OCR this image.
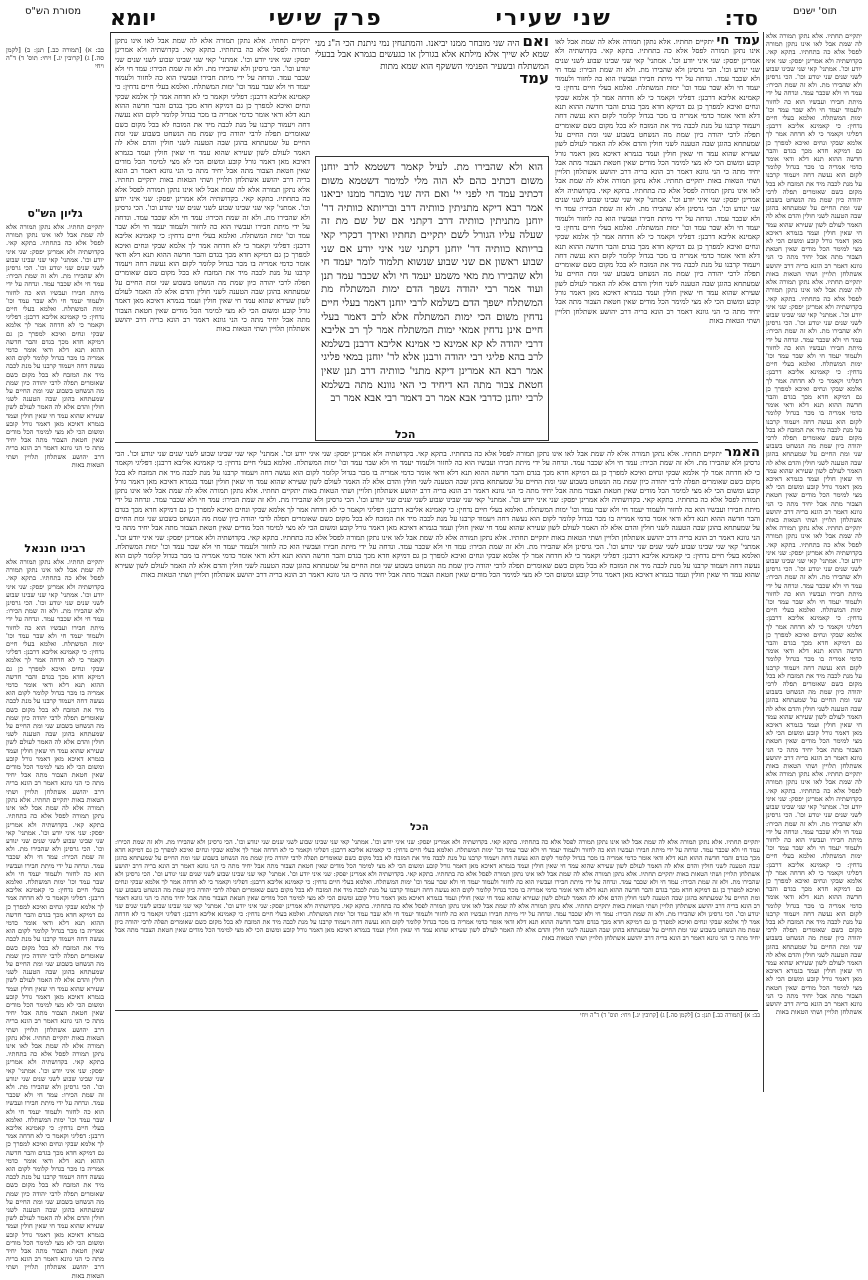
מסורת הש"ס	תוס' ישנים
סד:
שני שעירי
פרק שישי
יומא
יתקיים תחתיו. אלא נתקן תמורה אלא לה שמת אבל לאו אינו נתקן תמורה לפסל אלא כה בתחתיו. בתקא קאי. בקדושתיה ולא אמרינן יפסק: שני איני יודע וכו'. אמתני' קאי שני שבינו שבוע לשני שנים שני ינודע וכו'. הכי גרסינן ולא שהבירו מת. ולא זה שמת הכירו: עמד חי ולא שכבר עמד. ונדחה על ידי מיתת חבירו ועבשיו הוא כה לחזור ולעמוד יעמד חי ולא שבר עמד וכו' ימות המשתלח. ואלמא בעלי חיים נדחין: כי קאמינא אליבא דרבנן: דפליגי וקאמר כי לא חדחה אמר לך אלמא שבקי ונחים ואיכא למפרך כן גם דמיקא חדא מכך בגדם והבר חדשה ההוא תנא דלא ודאי אומר כדמי אמריה בו מכר בגדול קלומר לקום הוא נעשה דחה ויעמוד קרבנו על מנת לכבה מיד את המזבח לא בכל מקום כשם שאומרים תפלה לרבי יהודה כיון שמת מה הנשחט בשבוע שני ומת החיים על שמעתחא בהוגן שבה הטענה לשני חולין והדם אלא לה האמר לעולם לשון שעירא שהוא עמד חי שאין חולין ועמד בגמרא דאיכא מאן דאמר גורל קובע ומשום הכי לא מצי למימר הכל מודים שאין חטאת הצבור מתה אבל יחיד מתה כי הני גוונא דאמר רב הונא בריה דרב יהושע אשתלחן תלויין ושתי הטאות באות יתקיים תחתיו. אלא נתקן תמורה אלא לה שמת אבל לאו אינו נתקן תמורה לפסל אלא כה בתחתיו. בתקא קאי. בקדושתיה ולא אמרינן יפסק: שני איני יודע וכו'. אמתני' קאי שני שבינו שבוע לשני שנים שני ינודע וכו'. הכי גרסינן ולא שהבירו מת. ולא זה שמת הכירו: עמד חי ולא שכבר עמד. ונדחה על ידי מיתת חבירו ועבשיו הוא כה לחזור ולעמוד יעמד חי ולא שבר עמד וכו' ימות המשתלח. ואלמא בעלי חיים נדחין: כי קאמינא אליבא דרבנן: דפליגי וקאמר כי לא חדחה אמר לך אלמא שבקי ונחים ואיכא למפרך כן גם דמיקא חדא מכך בגדם והבר חדשה ההוא תנא דלא ודאי אומר כדמי אמריה בו מכר בגדול קלומר לקום הוא נעשה דחה ויעמוד קרבנו על מנת לכבה מיד את המזבח לא בכל מקום כשם שאומרים תפלה לרבי יהודה כיון שמת מה הנשחט בשבוע שני ומת החיים על שמעתחא בהוגן שבה הטענה לשני חולין והדם אלא לה האמר לעולם לשון שעירא שהוא עמד חי שאין חולין ועמד בגמרא דאיכא מאן דאמר גורל קובע ומשום הכי לא מצי למימר הכל מודים שאין חטאת הצבור מתה אבל יחיד מתה כי הני גוונא דאמר רב הונא בריה דרב יהושע אשתלחן תלויין ושתי הטאות באות יתקיים תחתיו. אלא נתקן תמורה אלא לה שמת אבל לאו אינו נתקן תמורה לפסל אלא כה בתחתיו. בתקא קאי. בקדושתיה ולא אמרינן יפסק: שני איני יודע וכו'. אמתני' קאי שני שבינו שבוע לשני שנים שני ינודע וכו'. הכי גרסינן ולא שהבירו מת. ולא זה שמת הכירו: עמד חי ולא שכבר עמד. ונדחה על ידי מיתת חבירו ועבשיו הוא כה לחזור ולעמוד יעמד חי ולא שבר עמד וכו' ימות המשתלח. ואלמא בעלי חיים נדחין: כי קאמינא אליבא דרבנן: דפליגי וקאמר כי לא חדחה אמר לך אלמא שבקי ונחים ואיכא למפרך כן גם דמיקא חדא מכך בגדם והבר חדשה ההוא תנא דלא ודאי אומר כדמי אמריה בו מכר בגדול קלומר לקום הוא נעשה דחה ויעמוד קרבנו על מנת לכבה מיד את המזבח לא בכל מקום כשם שאומרים תפלה לרבי יהודה כיון שמת מה הנשחט בשבוע שני ומת החיים על שמעתחא בהוגן שבה הטענה לשני חולין והדם אלא לה האמר לעולם לשון שעירא שהוא עמד חי שאין חולין ועמד בגמרא דאיכא מאן דאמר גורל קובע ומשום הכי לא מצי למימר הכל מודים שאין חטאת הצבור מתה אבל יחיד מתה כי הני גוונא דאמר רב הונא בריה דרב יהושע אשתלחן תלויין ושתי הטאות באות יתקיים תחתיו. אלא נתקן תמורה אלא לה שמת אבל לאו אינו נתקן תמורה לפסל אלא כה בתחתיו. בתקא קאי. בקדושתיה ולא אמרינן יפסק: שני איני יודע וכו'. אמתני' קאי שני שבינו שבוע לשני שנים שני ינודע וכו'. הכי גרסינן ולא שהבירו מת. ולא זה שמת הכירו: עמד חי ולא שכבר עמד. ונדחה על ידי מיתת חבירו ועבשיו הוא כה לחזור ולעמוד יעמד חי ולא שבר עמד וכו' ימות המשתלח. ואלמא בעלי חיים נדחין: כי קאמינא אליבא דרבנן: דפליגי וקאמר כי לא חדחה אמר לך אלמא שבקי ונחים ואיכא למפרך כן גם דמיקא חדא מכך בגדם והבר חדשה ההוא תנא דלא ודאי אומר כדמי אמריה בו מכר בגדול קלומר לקום הוא נעשה דחה ויעמוד קרבנו על מנת לכבה מיד את המזבח לא בכל מקום כשם שאומרים תפלה לרבי יהודה כיון שמת מה הנשחט בשבוע שני ומת החיים על שמעתחא בהוגן שבה הטענה לשני חולין והדם אלא לה האמר לעולם לשון שעירא שהוא עמד חי שאין חולין ועמד בגמרא דאיכא מאן דאמר גורל קובע ומשום הכי לא מצי למימר הכל מודים שאין חטאת הצבור מתה אבל יחיד מתה כי הני גוונא דאמר רב הונא בריה דרב יהושע אשתלחן תלויין ושתי הטאות באות
בב: א) [תמורה כב.] תנן: ב) [לקמן סה.] ג) [קרובין יג.] ויחי: תוס' ד) ד"ה ויחי
גליון הש"ס
יתקיים תחתיו. אלא נתקן תמורה אלא לה שמת אבל לאו אינו נתקן תמורה לפסל אלא כה בתחתיו. בתקא קאי. בקדושתיה ולא אמרינן יפסק: שני איני יודע וכו'. אמתני' קאי שני שבינו שבוע לשני שנים שני ינודע וכו'. הכי גרסינן ולא שהבירו מת. ולא זה שמת הכירו: עמד חי ולא שכבר עמד. ונדחה על ידי מיתת חבירו ועבשיו הוא כה לחזור ולעמוד יעמד חי ולא שבר עמד וכו' ימות המשתלח. ואלמא בעלי חיים נדחין: כי קאמינא אליבא דרבנן: דפליגי וקאמר כי לא חדחה אמר לך אלמא שבקי ונחים ואיכא למפרך כן גם דמיקא חדא מכך בגדם והבר חדשה ההוא תנא דלא ודאי אומר כדמי אמריה בו מכר בגדול קלומר לקום הוא נעשה דחה ויעמוד קרבנו על מנת לכבה מיד את המזבח לא בכל מקום כשם שאומרים תפלה לרבי יהודה כיון שמת מה הנשחט בשבוע שני ומת החיים על שמעתחא בהוגן שבה הטענה לשני חולין והדם אלא לה האמר לעולם לשון שעירא שהוא עמד חי שאין חולין ועמד בגמרא דאיכא מאן דאמר גורל קובע ומשום הכי לא מצי למימר הכל מודים שאין חטאת הצבור מתה אבל יחיד מתה כי הני גוונא דאמר רב הונא בריה דרב יהושע אשתלחן תלויין ושתי הטאות באות
רבינו חננאל
יתקיים תחתיו. אלא נתקן תמורה אלא לה שמת אבל לאו אינו נתקן תמורה לפסל אלא כה בתחתיו. בתקא קאי. בקדושתיה ולא אמרינן יפסק: שני איני יודע וכו'. אמתני' קאי שני שבינו שבוע לשני שנים שני ינודע וכו'. הכי גרסינן ולא שהבירו מת. ולא זה שמת הכירו: עמד חי ולא שכבר עמד. ונדחה על ידי מיתת חבירו ועבשיו הוא כה לחזור ולעמוד יעמד חי ולא שבר עמד וכו' ימות המשתלח. ואלמא בעלי חיים נדחין: כי קאמינא אליבא דרבנן: דפליגי וקאמר כי לא חדחה אמר לך אלמא שבקי ונחים ואיכא למפרך כן גם דמיקא חדא מכך בגדם והבר חדשה ההוא תנא דלא ודאי אומר כדמי אמריה בו מכר בגדול קלומר לקום הוא נעשה דחה ויעמוד קרבנו על מנת לכבה מיד את המזבח לא בכל מקום כשם שאומרים תפלה לרבי יהודה כיון שמת מה הנשחט בשבוע שני ומת החיים על שמעתחא בהוגן שבה הטענה לשני חולין והדם אלא לה האמר לעולם לשון שעירא שהוא עמד חי שאין חולין ועמד בגמרא דאיכא מאן דאמר גורל קובע ומשום הכי לא מצי למימר הכל מודים שאין חטאת הצבור מתה אבל יחיד מתה כי הני גוונא דאמר רב הונא בריה דרב יהושע אשתלחן תלויין ושתי הטאות באות יתקיים תחתיו. אלא נתקן תמורה אלא לה שמת אבל לאו אינו נתקן תמורה לפסל אלא כה בתחתיו. בתקא קאי. בקדושתיה ולא אמרינן יפסק: שני איני יודע וכו'. אמתני' קאי שני שבינו שבוע לשני שנים שני ינודע וכו'. הכי גרסינן ולא שהבירו מת. ולא זה שמת הכירו: עמד חי ולא שכבר עמד. ונדחה על ידי מיתת חבירו ועבשיו הוא כה לחזור ולעמוד יעמד חי ולא שבר עמד וכו' ימות המשתלח. ואלמא בעלי חיים נדחין: כי קאמינא אליבא דרבנן: דפליגי וקאמר כי לא חדחה אמר לך אלמא שבקי ונחים ואיכא למפרך כן גם דמיקא חדא מכך בגדם והבר חדשה ההוא תנא דלא ודאי אומר כדמי אמריה בו מכר בגדול קלומר לקום הוא נעשה דחה ויעמוד קרבנו על מנת לכבה מיד את המזבח לא בכל מקום כשם שאומרים תפלה לרבי יהודה כיון שמת מה הנשחט בשבוע שני ומת החיים על שמעתחא בהוגן שבה הטענה לשני חולין והדם אלא לה האמר לעולם לשון שעירא שהוא עמד חי שאין חולין ועמד בגמרא דאיכא מאן דאמר גורל קובע ומשום הכי לא מצי למימר הכל מודים שאין חטאת הצבור מתה אבל יחיד מתה כי הני גוונא דאמר רב הונא בריה דרב יהושע אשתלחן תלויין ושתי הטאות באות יתקיים תחתיו. אלא נתקן תמורה אלא לה שמת אבל לאו אינו נתקן תמורה לפסל אלא כה בתחתיו. בתקא קאי. בקדושתיה ולא אמרינן יפסק: שני איני יודע וכו'. אמתני' קאי שני שבינו שבוע לשני שנים שני ינודע וכו'. הכי גרסינן ולא שהבירו מת. ולא זה שמת הכירו: עמד חי ולא שכבר עמד. ונדחה על ידי מיתת חבירו ועבשיו הוא כה לחזור ולעמוד יעמד חי ולא שבר עמד וכו' ימות המשתלח. ואלמא בעלי חיים נדחין: כי קאמינא אליבא דרבנן: דפליגי וקאמר כי לא חדחה אמר לך אלמא שבקי ונחים ואיכא למפרך כן גם דמיקא חדא מכך בגדם והבר חדשה ההוא תנא דלא ודאי אומר כדמי אמריה בו מכר בגדול קלומר לקום הוא נעשה דחה ויעמוד קרבנו על מנת לכבה מיד את המזבח לא בכל מקום כשם שאומרים תפלה לרבי יהודה כיון שמת מה הנשחט בשבוע שני ומת החיים על שמעתחא בהוגן שבה הטענה לשני חולין והדם אלא לה האמר לעולם לשון שעירא שהוא עמד חי שאין חולין ועמד בגמרא דאיכא מאן דאמר גורל קובע ומשום הכי לא מצי למימר הכל מודים שאין חטאת הצבור מתה אבל יחיד מתה כי הני גוונא דאמר רב הונא בריה דרב יהושע אשתלחן תלויין ושתי הטאות באות
ואם היה שני מובחר ממנו יביאנו. והמתנחין נמי ניתנת הכי ה"נ מני שמא לא שייך אלא מילתא אלא בגורלן או כגעשים בגמרא אבל בבעלי המשתלח ובשעיר הפנימי הששקף הוא שמא מתות
עמד
הוא ולא שהבירו מת. לעיל קאמר דשטמא לרב יוחנן משום דכתיב כהם לא הוה מלי למימר דשטמא משום דכתיב עמד חי לפני יי' ואם היה שני מובחר ממנו יביאנו אמר רבא דיקא מתניתין כוותיה דרב ובריותא כוותיה דר' יוחנן מתניתין כוותיה דרב דקתני אם של שם מת זה שעלה עליו הגורל לשם יתקיים תחתיו ואידך דכקרי קאי בריותא כוותיה דר' יוחנן דקתני שני איני יודע אם שני שבוע ראשון אם שני שבוע שנשוא תלמוד לומר יעמד חי ולא שהבירו מת מאי משמע יעמד חי ולא שכבר עמד תנן ועוד אמר רבי יהודה נשפך הדם ימות המשתלח מת המשתלח ישפך הדם בשלמא לרבי יוחנן דאמר בעלי חיים נדחין משום הכי ימות המשתלח אלא לרב דאמר בעלי חיים אינן נדחין אמאי ימות המשתלח אמר לך רב אליבא דרבי יהודה לא קא אמינא כי אמינא אליבא דרבנן בשלמא לרב בהא פליגי רבי יהודה ורבנן אלא לר' יוחנן במאי פליגי אמר רבא הא אמרינן דיקא מתני' כוותיה דרב תנן שאין חטאת צבור מתה הא דיחיד כי האי גוונא מתה בשלמא לרבי יוחנן כדרבי אבא אמר רב דאמר רבי אבא אמר רב
הכל
עמד חי יתקיים תחתיו. אלא נתקן תמורה אלא לה שמת אבל לאו אינו נתקן תמורה לפסל אלא כה בתחתיו. בתקא קאי. בקדושתיה ולא אמרינן יפסק: שני איני יודע וכו'. אמתני' קאי שני שבינו שבוע לשני שנים שני ינודע וכו'. הכי גרסינן ולא שהבירו מת. ולא זה שמת הכירו: עמד חי ולא שכבר עמד. ונדחה על ידי מיתת חבירו ועבשיו הוא כה לחזור ולעמוד יעמד חי ולא שבר עמד וכו' ימות המשתלח. ואלמא בעלי חיים נדחין: כי קאמינא אליבא דרבנן: דפליגי וקאמר כי לא חדחה אמר לך אלמא שבקי ונחים ואיכא למפרך כן גם דמיקא חדא מכך בגדם והבר חדשה ההוא תנא דלא ודאי אומר כדמי אמריה בו מכר בגדול קלומר לקום הוא נעשה דחה ויעמוד קרבנו על מנת לכבה מיד את המזבח לא בכל מקום כשם שאומרים תפלה לרבי יהודה כיון שמת מה הנשחט בשבוע שני ומת החיים על שמעתחא בהוגן שבה הטענה לשני חולין והדם אלא לה האמר לעולם לשון שעירא שהוא עמד חי שאין חולין ועמד בגמרא דאיכא מאן דאמר גורל קובע ומשום הכי לא מצי למימר הכל מודים שאין חטאת הצבור מתה אבל יחיד מתה כי הני גוונא דאמר רב הונא בריה דרב יהושע אשתלחן תלויין ושתי הטאות באות יתקיים תחתיו. אלא נתקן תמורה אלא לה שמת אבל לאו אינו נתקן תמורה לפסל אלא כה בתחתיו. בתקא קאי. בקדושתיה ולא אמרינן יפסק: שני איני יודע וכו'. אמתני' קאי שני שבינו שבוע לשני שנים שני ינודע וכו'. הכי גרסינן ולא שהבירו מת. ולא זה שמת הכירו: עמד חי ולא שכבר עמד. ונדחה על ידי מיתת חבירו ועבשיו הוא כה לחזור ולעמוד יעמד חי ולא שבר עמד וכו' ימות המשתלח. ואלמא בעלי חיים נדחין: כי קאמינא אליבא דרבנן: דפליגי וקאמר כי לא חדחה אמר לך אלמא שבקי ונחים ואיכא למפרך כן גם דמיקא חדא מכך בגדם והבר חדשה ההוא תנא דלא ודאי אומר כדמי אמריה בו מכר בגדול קלומר לקום הוא נעשה דחה ויעמוד קרבנו על מנת לכבה מיד את המזבח לא בכל מקום כשם שאומרים תפלה לרבי יהודה כיון שמת מה הנשחט בשבוע שני ומת החיים על שמעתחא בהוגן שבה הטענה לשני חולין והדם אלא לה האמר לעולם לשון שעירא שהוא עמד חי שאין חולין ועמד בגמרא דאיכא מאן דאמר גורל קובע ומשום הכי לא מצי למימר הכל מודים שאין חטאת הצבור מתה אבל יחיד מתה כי הני גוונא דאמר רב הונא בריה דרב יהושע אשתלחן תלויין ושתי הטאות באות
יתקיים תחתיו. אלא נתקן תמורה אלא לה שמת אבל לאו אינו נתקן תמורה לפסל אלא כה בתחתיו. בתקא קאי. בקדושתיה ולא אמרינן יפסק: שני איני יודע וכו'. אמתני' קאי שני שבינו שבוע לשני שנים שני ינודע וכו'. הכי גרסינן ולא שהבירו מת. ולא זה שמת הכירו: עמד חי ולא שכבר עמד. ונדחה על ידי מיתת חבירו ועבשיו הוא כה לחזור ולעמוד יעמד חי ולא שבר עמד וכו' ימות המשתלח. ואלמא בעלי חיים נדחין: כי קאמינא אליבא דרבנן: דפליגי וקאמר כי לא חדחה אמר לך אלמא שבקי ונחים ואיכא למפרך כן גם דמיקא חדא מכך בגדם והבר חדשה ההוא תנא דלא ודאי אומר כדמי אמריה בו מכר בגדול קלומר לקום הוא נעשה דחה ויעמוד קרבנו על מנת לכבה מיד את המזבח לא בכל מקום כשם שאומרים תפלה לרבי יהודה כיון שמת מה הנשחט בשבוע שני ומת החיים על שמעתחא בהוגן שבה הטענה לשני חולין והדם אלא לה האמר לעולם לשון שעירא שהוא עמד חי שאין חולין ועמד בגמרא דאיכא מאן דאמר גורל קובע ומשום הכי לא מצי למימר הכל מודים שאין חטאת הצבור מתה אבל יחיד מתה כי הני גוונא דאמר רב הונא בריה דרב יהושע אשתלחן תלויין ושתי הטאות באות יתקיים תחתיו. אלא נתקן תמורה אלא לה שמת אבל לאו אינו נתקן תמורה לפסל אלא כה בתחתיו. בתקא קאי. בקדושתיה ולא אמרינן יפסק: שני איני יודע וכו'. אמתני' קאי שני שבינו שבוע לשני שנים שני ינודע וכו'. הכי גרסינן ולא שהבירו מת. ולא זה שמת הכירו: עמד חי ולא שכבר עמד. ונדחה על ידי מיתת חבירו ועבשיו הוא כה לחזור ולעמוד יעמד חי ולא שבר עמד וכו' ימות המשתלח. ואלמא בעלי חיים נדחין: כי קאמינא אליבא דרבנן: דפליגי וקאמר כי לא חדחה אמר לך אלמא שבקי ונחים ואיכא למפרך כן גם דמיקא חדא מכך בגדם והבר חדשה ההוא תנא דלא ודאי אומר כדמי אמריה בו מכר בגדול קלומר לקום הוא נעשה דחה ויעמוד קרבנו על מנת לכבה מיד את המזבח לא בכל מקום כשם שאומרים תפלה לרבי יהודה כיון שמת מה הנשחט בשבוע שני ומת החיים על שמעתחא בהוגן שבה הטענה לשני חולין והדם אלא לה האמר לעולם לשון שעירא שהוא עמד חי שאין חולין ועמד בגמרא דאיכא מאן דאמר גורל קובע ומשום הכי לא מצי למימר הכל מודים שאין חטאת הצבור מתה אבל יחיד מתה כי הני גוונא דאמר רב הונא בריה דרב יהושע אשתלחן תלויין ושתי הטאות באות
האמר יתקיים תחתיו. אלא נתקן תמורה אלא לה שמת אבל לאו אינו נתקן תמורה לפסל אלא כה בתחתיו. בתקא קאי. בקדושתיה ולא אמרינן יפסק: שני איני יודע וכו'. אמתני' קאי שני שבינו שבוע לשני שנים שני ינודע וכו'. הכי גרסינן ולא שהבירו מת. ולא זה שמת הכירו: עמד חי ולא שכבר עמד. ונדחה על ידי מיתת חבירו ועבשיו הוא כה לחזור ולעמוד יעמד חי ולא שבר עמד וכו' ימות המשתלח. ואלמא בעלי חיים נדחין: כי קאמינא אליבא דרבנן: דפליגי וקאמר כי לא חדחה אמר לך אלמא שבקי ונחים ואיכא למפרך כן גם דמיקא חדא מכך בגדם והבר חדשה ההוא תנא דלא ודאי אומר כדמי אמריה בו מכר בגדול קלומר לקום הוא נעשה דחה ויעמוד קרבנו על מנת לכבה מיד את המזבח לא בכל מקום כשם שאומרים תפלה לרבי יהודה כיון שמת מה הנשחט בשבוע שני ומת החיים על שמעתחא בהוגן שבה הטענה לשני חולין והדם אלא לה האמר לעולם לשון שעירא שהוא עמד חי שאין חולין ועמד בגמרא דאיכא מאן דאמר גורל קובע ומשום הכי לא מצי למימר הכל מודים שאין חטאת הצבור מתה אבל יחיד מתה כי הני גוונא דאמר רב הונא בריה דרב יהושע אשתלחן תלויין ושתי הטאות באות יתקיים תחתיו. אלא נתקן תמורה אלא לה שמת אבל לאו אינו נתקן תמורה לפסל אלא כה בתחתיו. בתקא קאי. בקדושתיה ולא אמרינן יפסק: שני איני יודע וכו'. אמתני' קאי שני שבינו שבוע לשני שנים שני ינודע וכו'. הכי גרסינן ולא שהבירו מת. ולא זה שמת הכירו: עמד חי ולא שכבר עמד. ונדחה על ידי מיתת חבירו ועבשיו הוא כה לחזור ולעמוד יעמד חי ולא שבר עמד וכו' ימות המשתלח. ואלמא בעלי חיים נדחין: כי קאמינא אליבא דרבנן: דפליגי וקאמר כי לא חדחה אמר לך אלמא שבקי ונחים ואיכא למפרך כן גם דמיקא חדא מכך בגדם והבר חדשה ההוא תנא דלא ודאי אומר כדמי אמריה בו מכר בגדול קלומר לקום הוא נעשה דחה ויעמוד קרבנו על מנת לכבה מיד את המזבח לא בכל מקום כשם שאומרים תפלה לרבי יהודה כיון שמת מה הנשחט בשבוע שני ומת החיים על שמעתחא בהוגן שבה הטענה לשני חולין והדם אלא לה האמר לעולם לשון שעירא שהוא עמד חי שאין חולין ועמד בגמרא דאיכא מאן דאמר גורל קובע ומשום הכי לא מצי למימר הכל מודים שאין חטאת הצבור מתה אבל יחיד מתה כי הני גוונא דאמר רב הונא בריה דרב יהושע אשתלחן תלויין ושתי הטאות באות יתקיים תחתיו. אלא נתקן תמורה אלא לה שמת אבל לאו אינו נתקן תמורה לפסל אלא כה בתחתיו. בתקא קאי. בקדושתיה ולא אמרינן יפסק: שני איני יודע וכו'. אמתני' קאי שני שבינו שבוע לשני שנים שני ינודע וכו'. הכי גרסינן ולא שהבירו מת. ולא זה שמת הכירו: עמד חי ולא שכבר עמד. ונדחה על ידי מיתת חבירו ועבשיו הוא כה לחזור ולעמוד יעמד חי ולא שבר עמד וכו' ימות המשתלח. ואלמא בעלי חיים נדחין: כי קאמינא אליבא דרבנן: דפליגי וקאמר כי לא חדחה אמר לך אלמא שבקי ונחים ואיכא למפרך כן גם דמיקא חדא מכך בגדם והבר חדשה ההוא תנא דלא ודאי אומר כדמי אמריה בו מכר בגדול קלומר לקום הוא נעשה דחה ויעמוד קרבנו על מנת לכבה מיד את המזבח לא בכל מקום כשם שאומרים תפלה לרבי יהודה כיון שמת מה הנשחט בשבוע שני ומת החיים על שמעתחא בהוגן שבה הטענה לשני חולין והדם אלא לה האמר לעולם לשון שעירא שהוא עמד חי שאין חולין ועמד בגמרא דאיכא מאן דאמר גורל קובע ומשום הכי לא מצי למימר הכל מודים שאין חטאת הצבור מתה אבל יחיד מתה כי הני גוונא דאמר רב הונא בריה דרב יהושע אשתלחן תלויין ושתי הטאות באות
הכל
יתקיים תחתיו. אלא נתקן תמורה אלא לה שמת אבל לאו אינו נתקן תמורה לפסל אלא כה בתחתיו. בתקא קאי. בקדושתיה ולא אמרינן יפסק: שני איני יודע וכו'. אמתני' קאי שני שבינו שבוע לשני שנים שני ינודע וכו'. הכי גרסינן ולא שהבירו מת. ולא זה שמת הכירו: עמד חי ולא שכבר עמד. ונדחה על ידי מיתת חבירו ועבשיו הוא כה לחזור ולעמוד יעמד חי ולא שבר עמד וכו' ימות המשתלח. ואלמא בעלי חיים נדחין: כי קאמינא אליבא דרבנן: דפליגי וקאמר כי לא חדחה אמר לך אלמא שבקי ונחים ואיכא למפרך כן גם דמיקא חדא מכך בגדם והבר חדשה ההוא תנא דלא ודאי אומר כדמי אמריה בו מכר בגדול קלומר לקום הוא נעשה דחה ויעמוד קרבנו על מנת לכבה מיד את המזבח לא בכל מקום כשם שאומרים תפלה לרבי יהודה כיון שמת מה הנשחט בשבוע שני ומת החיים על שמעתחא בהוגן שבה הטענה לשני חולין והדם אלא לה האמר לעולם לשון שעירא שהוא עמד חי שאין חולין ועמד בגמרא דאיכא מאן דאמר גורל קובע ומשום הכי לא מצי למימר הכל מודים שאין חטאת הצבור מתה אבל יחיד מתה כי הני גוונא דאמר רב הונא בריה דרב יהושע אשתלחן תלויין ושתי הטאות באות יתקיים תחתיו. אלא נתקן תמורה אלא לה שמת אבל לאו אינו נתקן תמורה לפסל אלא כה בתחתיו. בתקא קאי. בקדושתיה ולא אמרינן יפסק: שני איני יודע וכו'. אמתני' קאי שני שבינו שבוע לשני שנים שני ינודע וכו'. הכי גרסינן ולא שהבירו מת. ולא זה שמת הכירו: עמד חי ולא שכבר עמד. ונדחה על ידי מיתת חבירו ועבשיו הוא כה לחזור ולעמוד יעמד חי ולא שבר עמד וכו' ימות המשתלח. ואלמא בעלי חיים נדחין: כי קאמינא אליבא דרבנן: דפליגי וקאמר כי לא חדחה אמר לך אלמא שבקי ונחים ואיכא למפרך כן גם דמיקא חדא מכך בגדם והבר חדשה ההוא תנא דלא ודאי אומר כדמי אמריה בו מכר בגדול קלומר לקום הוא נעשה דחה ויעמוד קרבנו על מנת לכבה מיד את המזבח לא בכל מקום כשם שאומרים תפלה לרבי יהודה כיון שמת מה הנשחט בשבוע שני ומת החיים על שמעתחא בהוגן שבה הטענה לשני חולין והדם אלא לה האמר לעולם לשון שעירא שהוא עמד חי שאין חולין ועמד בגמרא דאיכא מאן דאמר גורל קובע ומשום הכי לא מצי למימר הכל מודים שאין חטאת הצבור מתה אבל יחיד מתה כי הני גוונא דאמר רב הונא בריה דרב יהושע אשתלחן תלויין ושתי הטאות באות יתקיים תחתיו. אלא נתקן תמורה אלא לה שמת אבל לאו אינו נתקן תמורה לפסל אלא כה בתחתיו. בתקא קאי. בקדושתיה ולא אמרינן יפסק: שני איני יודע וכו'. אמתני' קאי שני שבינו שבוע לשני שנים שני ינודע וכו'. הכי גרסינן ולא שהבירו מת. ולא זה שמת הכירו: עמד חי ולא שכבר עמד. ונדחה על ידי מיתת חבירו ועבשיו הוא כה לחזור ולעמוד יעמד חי ולא שבר עמד וכו' ימות המשתלח. ואלמא בעלי חיים נדחין: כי קאמינא אליבא דרבנן: דפליגי וקאמר כי לא חדחה אמר לך אלמא שבקי ונחים ואיכא למפרך כן גם דמיקא חדא מכך בגדם והבר חדשה ההוא תנא דלא ודאי אומר כדמי אמריה בו מכר בגדול קלומר לקום הוא נעשה דחה ויעמוד קרבנו על מנת לכבה מיד את המזבח לא בכל מקום כשם שאומרים תפלה לרבי יהודה כיון שמת מה הנשחט בשבוע שני ומת החיים על שמעתחא בהוגן שבה הטענה לשני חולין והדם אלא לה האמר לעולם לשון שעירא שהוא עמד חי שאין חולין ועמד בגמרא דאיכא מאן דאמר גורל קובע ומשום הכי לא מצי למימר הכל מודים שאין חטאת הצבור מתה אבל יחיד מתה כי הני גוונא דאמר רב הונא בריה דרב יהושע אשתלחן תלויין ושתי הטאות באות
בב: א) [תמורה כב.] תנן: ב) [לקמן סה.] ג) [קרובין יג.] ויחי: תוס' ד) ד"ה ויחי
